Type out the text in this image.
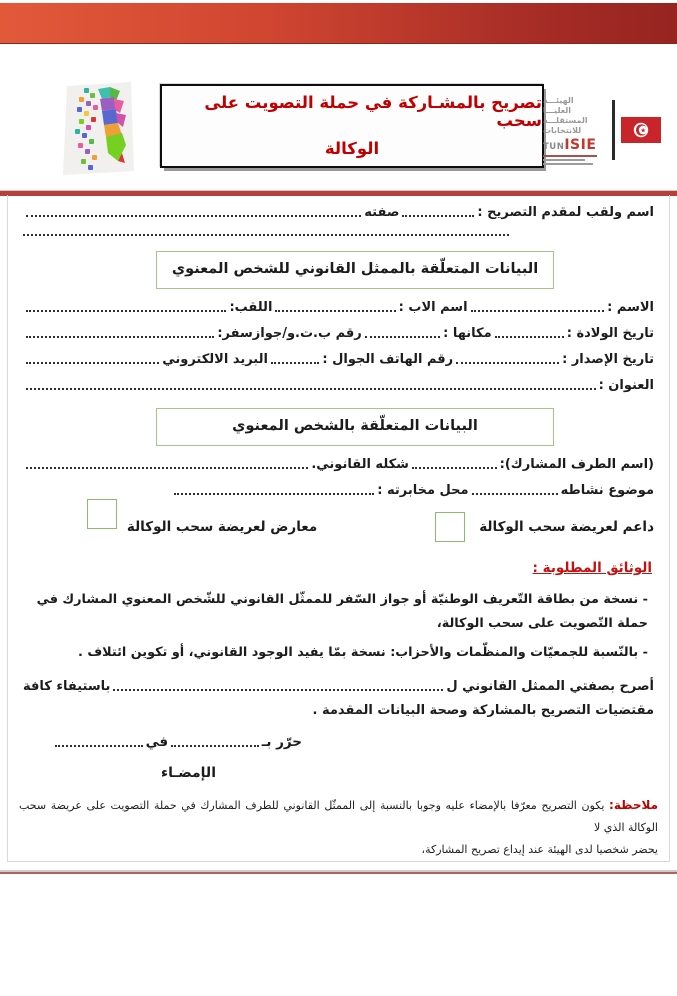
تصريح بالمشـاركة في حملة التصويت على سحب
الوكالة
الهيئـــة
العليـــا
المستقلـــة
للانتخابات
TUN ISIE
★
اسم ولقب لمقدم التصريح :
صفته
البيانات المتعلّقة بالممثل القانوني للشخص المعنوي
الاسم :
اسم الاب :
اللقب:
تاريخ الولادة :
مكانها :
رقم ب.ت.و/جوازسفر:
تاريخ الإصدار :
رقم الهاتف الجوال :
البريد الالكتروني
العنوان :
البيانات المتعلّقة بالشخص المعنوي
(اسم الطرف المشارك):
شكله القانوني.
موضوع نشاطه
محل مخابرته :
داعم لعريضة سحب الوكالة
معارض لعريضة سحب الوكالة
الوثائق المطلوبة :

- نسخة من بطاقة التّعريف الوطنيّة أو جواز السّفر للممثّل القانوني للشّخص المعنوي المشارك في حملة التّصويت على سحب الوكالة،

- بالنّسبة للجمعيّات والمنظّمات والأحزاب: نسخة بمّا يفيد الوجود القانوني، أو تكوين ائتلاف .

أصرح بصفتي الممثل القانوني ل
باستيفاء كافة
مقتضيات التصريح بالمشاركة وصحة البيانات المقدمة .
حرّر بـ
في
الإمضـاء

ملاحظة: يكون التصريح معرّفا بالإمضاء عليه وجوبا بالنسبة إلى الممثّل القانوني للطرف المشارك في حملة التصويت على عريضة سحب الوكالة الذي لا
يحضر شخصيا لدى الهيئة عند إيداع تصريح المشاركة،
